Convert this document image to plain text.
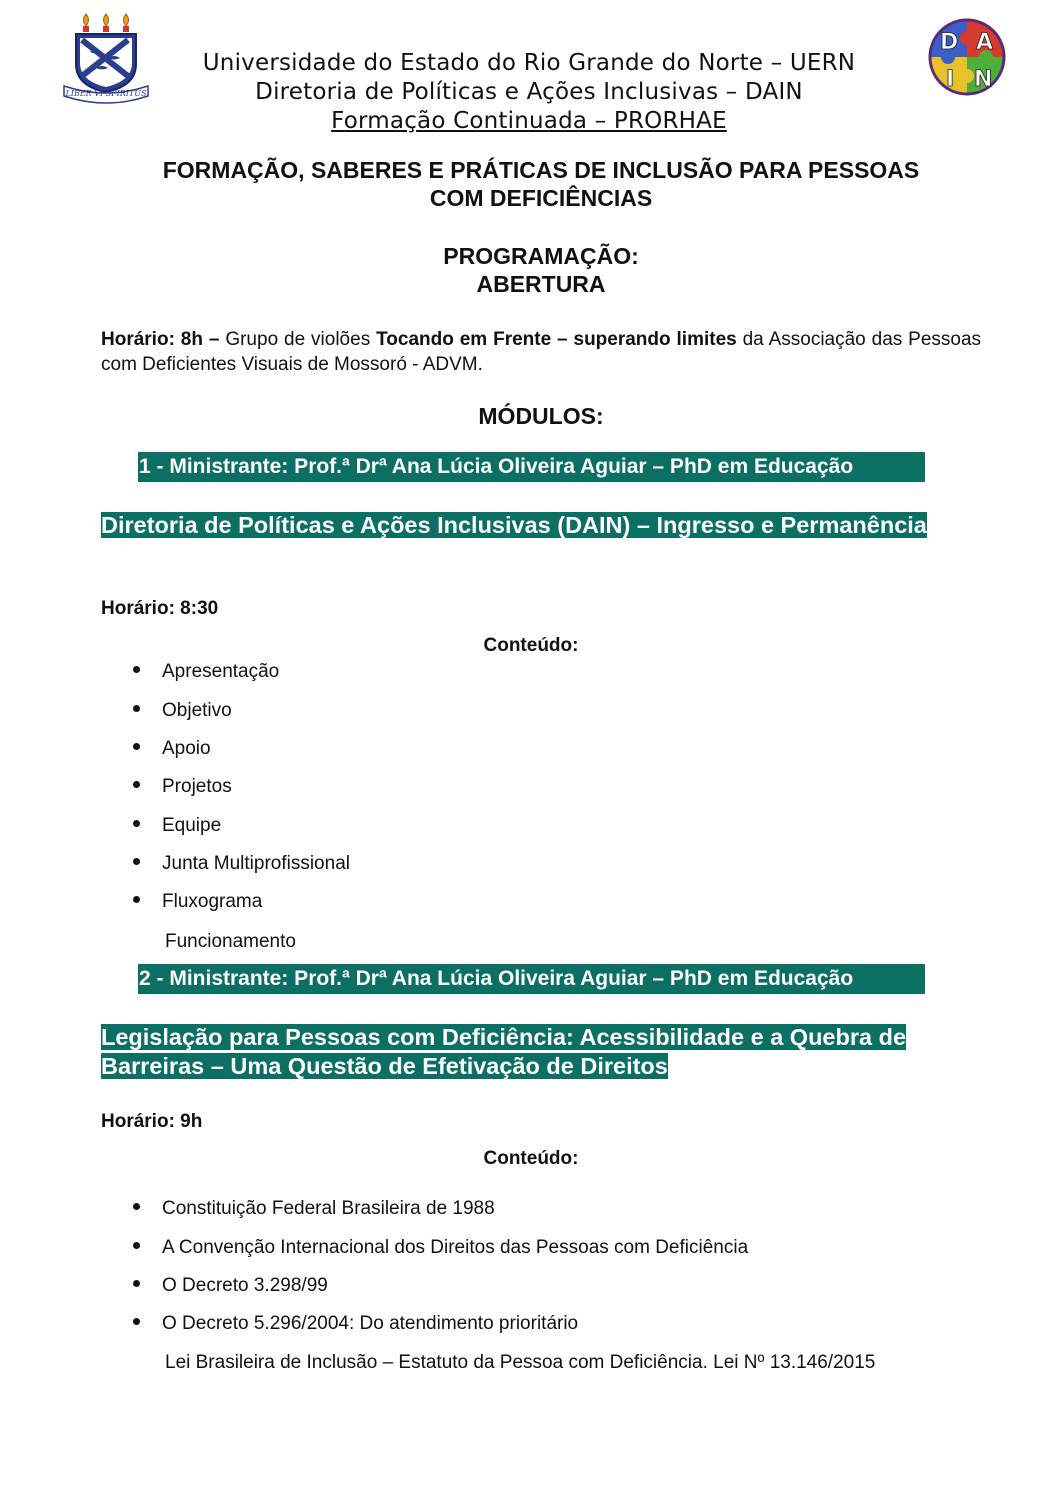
LIBER VI SPIRITUS
D A
I N
Universidade do Estado do Rio Grande do Norte – UERN
Diretoria de Políticas e Ações Inclusivas – DAIN
Formação Continuada – PRORHAE
FORMAÇÃO, SABERES E PRÁTICAS DE INCLUSÃO PARA PESSOAS
COM DEFICIÊNCIAS
PROGRAMAÇÃO:
ABERTURA
Horário: 8h – Grupo de violões Tocando em Frente – superando limites da Associação das Pessoas com Deficientes Visuais de Mossoró - ADVM.
MÓDULOS:
1 - Ministrante: Prof.ª Drª Ana Lúcia Oliveira Aguiar – PhD em Educação
Diretoria de Políticas e Ações Inclusivas (DAIN) – Ingresso e Permanência
Horário: 8:30
Conteúdo:
Apresentação
Objetivo
Apoio
Projetos
Equipe
Junta Multiprofissional
Fluxograma
Funcionamento
2 - Ministrante: Prof.ª Drª Ana Lúcia Oliveira Aguiar – PhD em Educação
Legislação para Pessoas com Deficiência: Acessibilidade e a Quebra de Barreiras – Uma Questão de Efetivação de Direitos
Horário: 9h
Conteúdo:
Constituição Federal Brasileira de 1988
A Convenção Internacional dos Direitos das Pessoas com Deficiência
O Decreto 3.298/99
O Decreto 5.296/2004: Do atendimento prioritário
Lei Brasileira de Inclusão – Estatuto da Pessoa com Deficiência. Lei Nº 13.146/2015
